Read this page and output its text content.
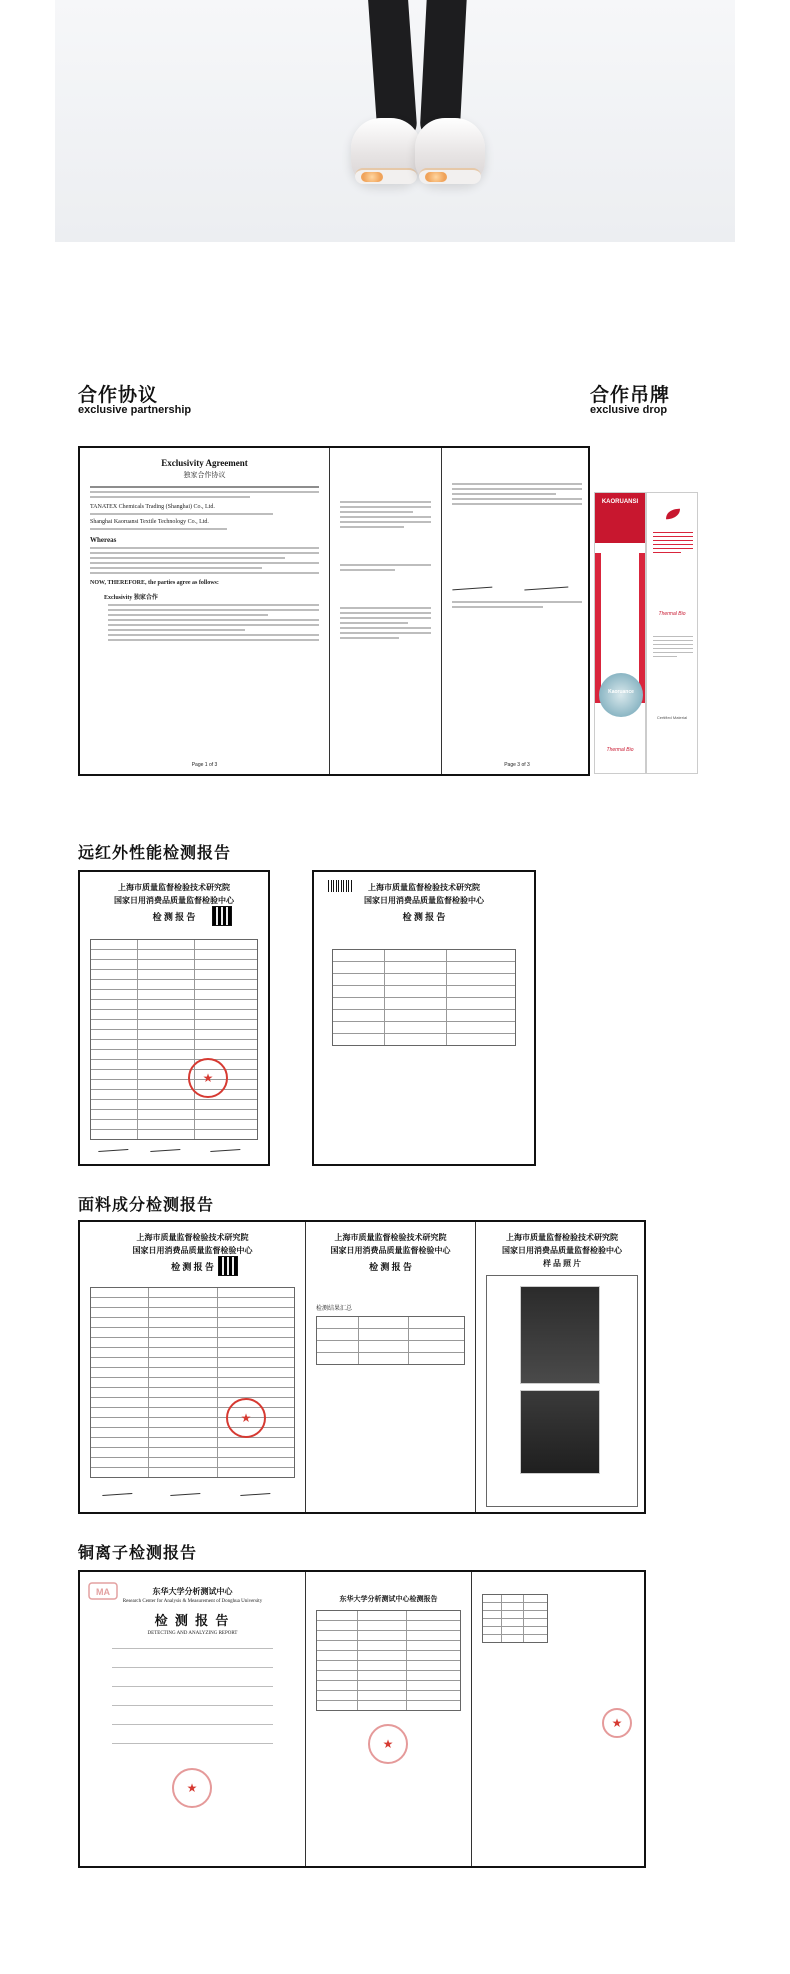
合作协议
exclusive partnership
合作吊牌
exclusive drop
Exclusivity Agreement
独家合作协议
TANATEX Chemicals Trading (Shanghai) Co., Ltd.
Shanghai Kaoruansi Textile Technology Co., Ltd.
Whereas
NOW, THEREFORE, the parties agree as follows:
Exclusivity 独家合作
Page 1 of 3	Page 3 of 3
KAORUANSI
Kaoruance
Thermal Bio
Thermal Bio
Certified Material
远红外性能检测报告
上海市质量监督检验技术研究院
国家日用消费品质量监督检验中心
检 测 报 告
★
上海市质量监督检验技术研究院
国家日用消费品质量监督检验中心
检 测 报 告
面料成分检测报告
上海市质量监督检验技术研究院
国家日用消费品质量监督检验中心
检 测 报 告
★
上海市质量监督检验技术研究院
国家日用消费品质量监督检验中心
检 测 报 告
检测结果汇总
上海市质量监督检验技术研究院
国家日用消费品质量监督检验中心
样 品 照 片
铜离子检测报告
MA	东华大学分析测试中心
Research Center for Analysis & Measurement of Donghua University
检 测 报 告
DETECTING AND ANALYZING REPORT
★
东华大学分析测试中心检测报告
★
★
